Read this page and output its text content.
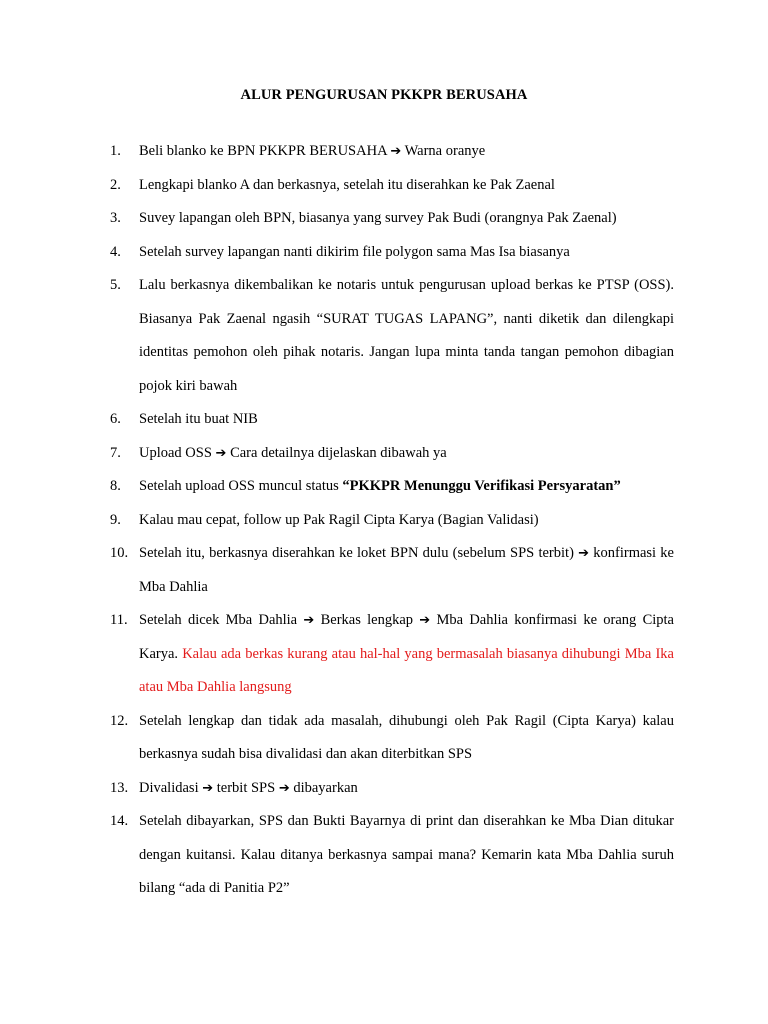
ALUR PENGURUSAN PKKPR BERUSAHA
1.	Beli blanko ke BPN PKKPR BERUSAHA ➔ Warna oranye
2.	Lengkapi blanko A dan berkasnya, setelah itu diserahkan ke Pak Zaenal
3.	Suvey lapangan oleh BPN, biasanya yang survey Pak Budi (orangnya Pak Zaenal)
4.	Setelah survey lapangan nanti dikirim file polygon sama Mas Isa biasanya
5.	Lalu berkasnya dikembalikan ke notaris untuk pengurusan upload berkas ke PTSP (OSS). Biasanya Pak Zaenal ngasih “SURAT TUGAS LAPANG”, nanti diketik dan dilengkapi identitas pemohon oleh pihak notaris. Jangan lupa minta tanda tangan pemohon dibagian pojok kiri bawah
6.	Setelah itu buat NIB
7.	Upload OSS ➔ Cara detailnya dijelaskan dibawah ya
8.	Setelah upload OSS muncul status “PKKPR Menunggu Verifikasi Persyaratan”
9.	Kalau mau cepat, follow up Pak Ragil Cipta Karya (Bagian Validasi)
10. Setelah itu, berkasnya diserahkan ke loket BPN dulu (sebelum SPS terbit) ➔ konfirmasi ke Mba Dahlia
11. Setelah dicek Mba Dahlia ➔ Berkas lengkap ➔ Mba Dahlia konfirmasi ke orang Cipta Karya. Kalau ada berkas kurang atau hal-hal yang bermasalah biasanya dihubungi Mba Ika atau Mba Dahlia langsung
12. Setelah lengkap dan tidak ada masalah, dihubungi oleh Pak Ragil (Cipta Karya) kalau berkasnya sudah bisa divalidasi dan akan diterbitkan SPS
13. Divalidasi ➔ terbit SPS ➔ dibayarkan
14. Setelah dibayarkan, SPS dan Bukti Bayarnya di print dan diserahkan ke Mba Dian ditukar dengan kuitansi. Kalau ditanya berkasnya sampai mana? Kemarin kata Mba Dahlia suruh bilang “ada di Panitia P2”
